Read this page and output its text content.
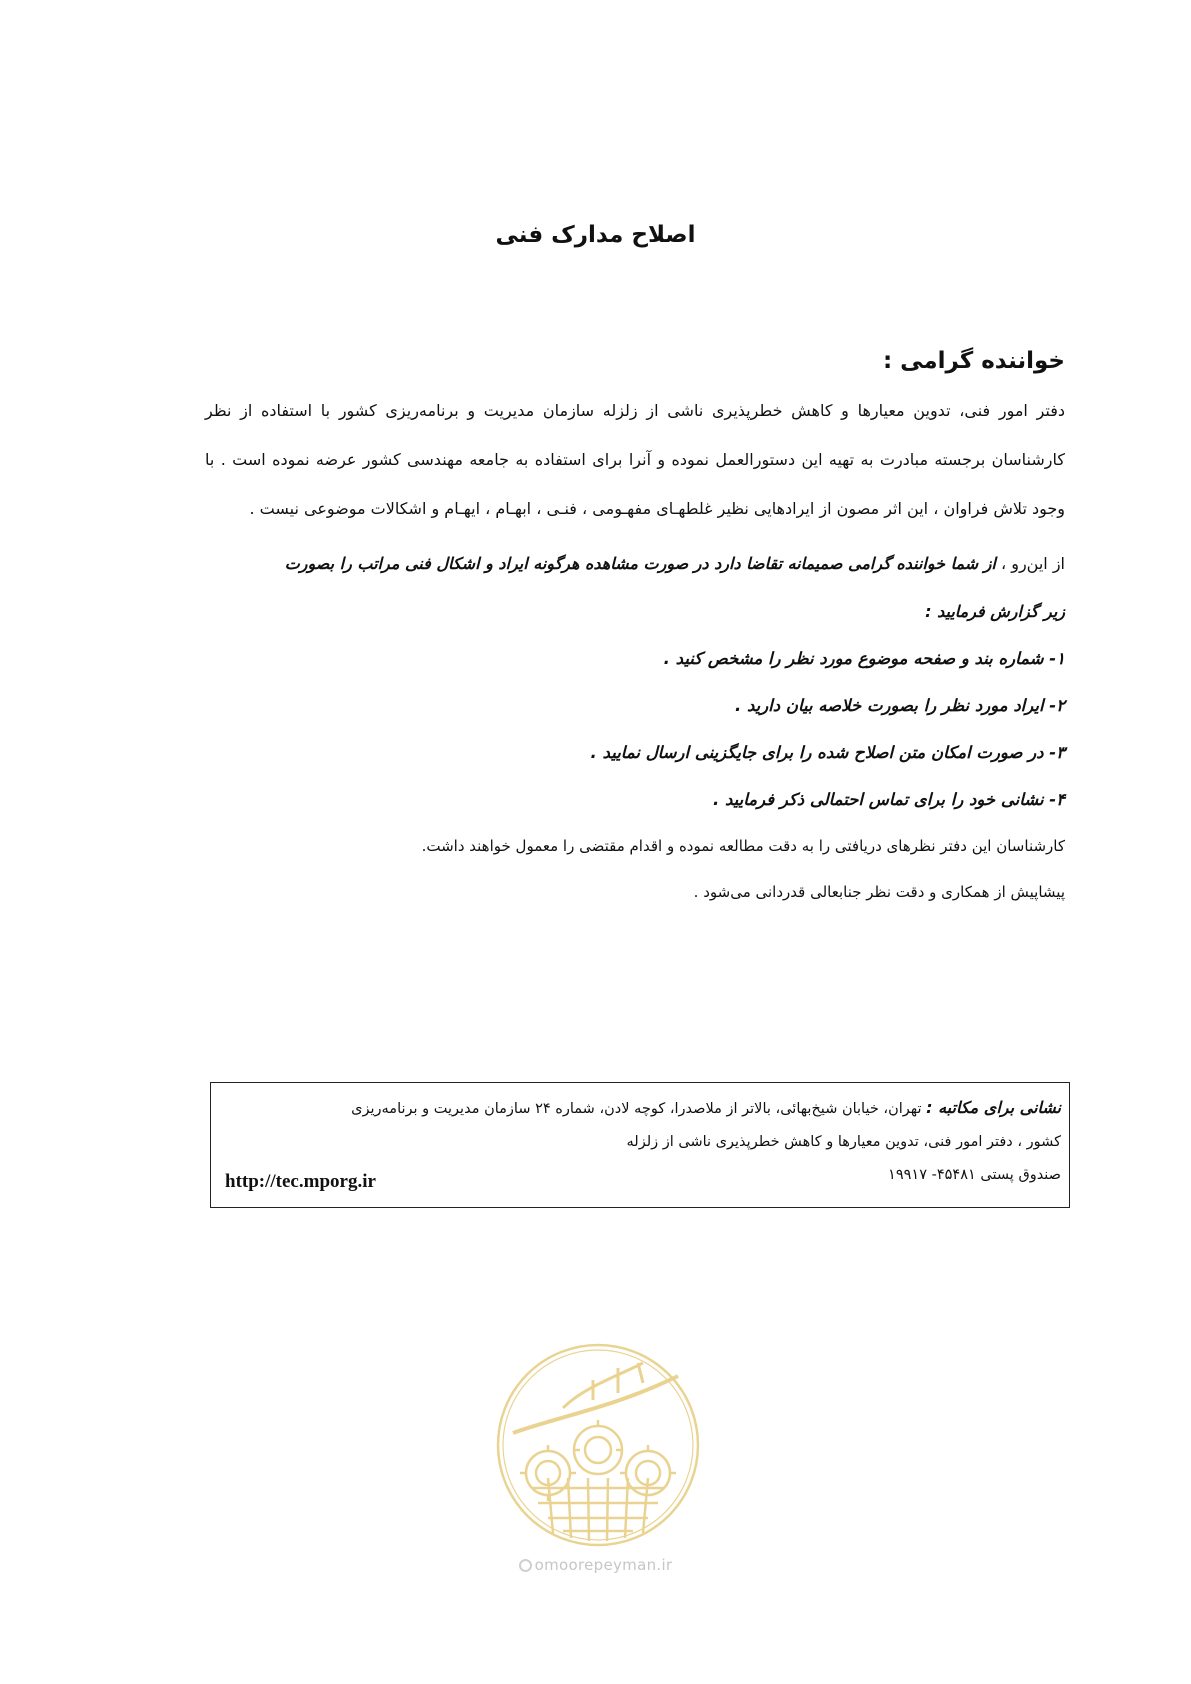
اصلاح مدارک فنی
خواننده گرامی :

دفتر امور فنی، تدوین معیارها و کاهش خطرپذیری ناشی از زلزله سازمان مدیریت و برنامه‌ریزی کشور با استفاده از نظر کارشناسان برجسته مبادرت به تهیه این دستورالعمل نموده و آنرا برای استفاده به جامعه مهندسی کشور عرضه نموده است . با وجود تلاش فراوان ، این اثر مصون از ایرادهایی نظیر غلطهـای مفهـومی ، فنـی ، ابهـام ، ایهـام و اشکالات موضوعی نیست .

از این‌رو ، از شما خواننده گرامی صمیمانه تقاضا دارد در صورت مشاهده هرگونه ایراد و اشکال فنی مراتب را بصورت

زیر گزارش فرمایید :

۱- شماره بند و صفحه موضوع مورد نظر را مشخص کنید .
۲- ایراد مورد نظر را بصورت خلاصه بیان دارید .
۳- در صورت امکان متن اصلاح شده را برای جایگزینی ارسال نمایید .
۴- نشانی خود را برای تماس احتمالی ذکر فرمایید .

کارشناسان این دفتر نظرهای دریافتی را به دقت مطالعه نموده و اقدام مقتضی را معمول خواهند داشت.

پیشاپیش از همکاری و دقت نظر جنابعالی قدردانی می‌شود .

نشانی برای مکاتبه : تهران، خیابان شیخ‌بهائی، بالاتر از ملاصدرا، کوچه لادن، شماره ۲۴ سازمان مدیریت و برنامه‌ریزی
کشور ، دفتر امور فنی، تدوین معیارها و کاهش خطرپذیری ناشی از زلزله
صندوق پستی ۴۵۴۸۱- ۱۹۹۱۷
http://tec.mporg.ir
omoorepeyman.ir
